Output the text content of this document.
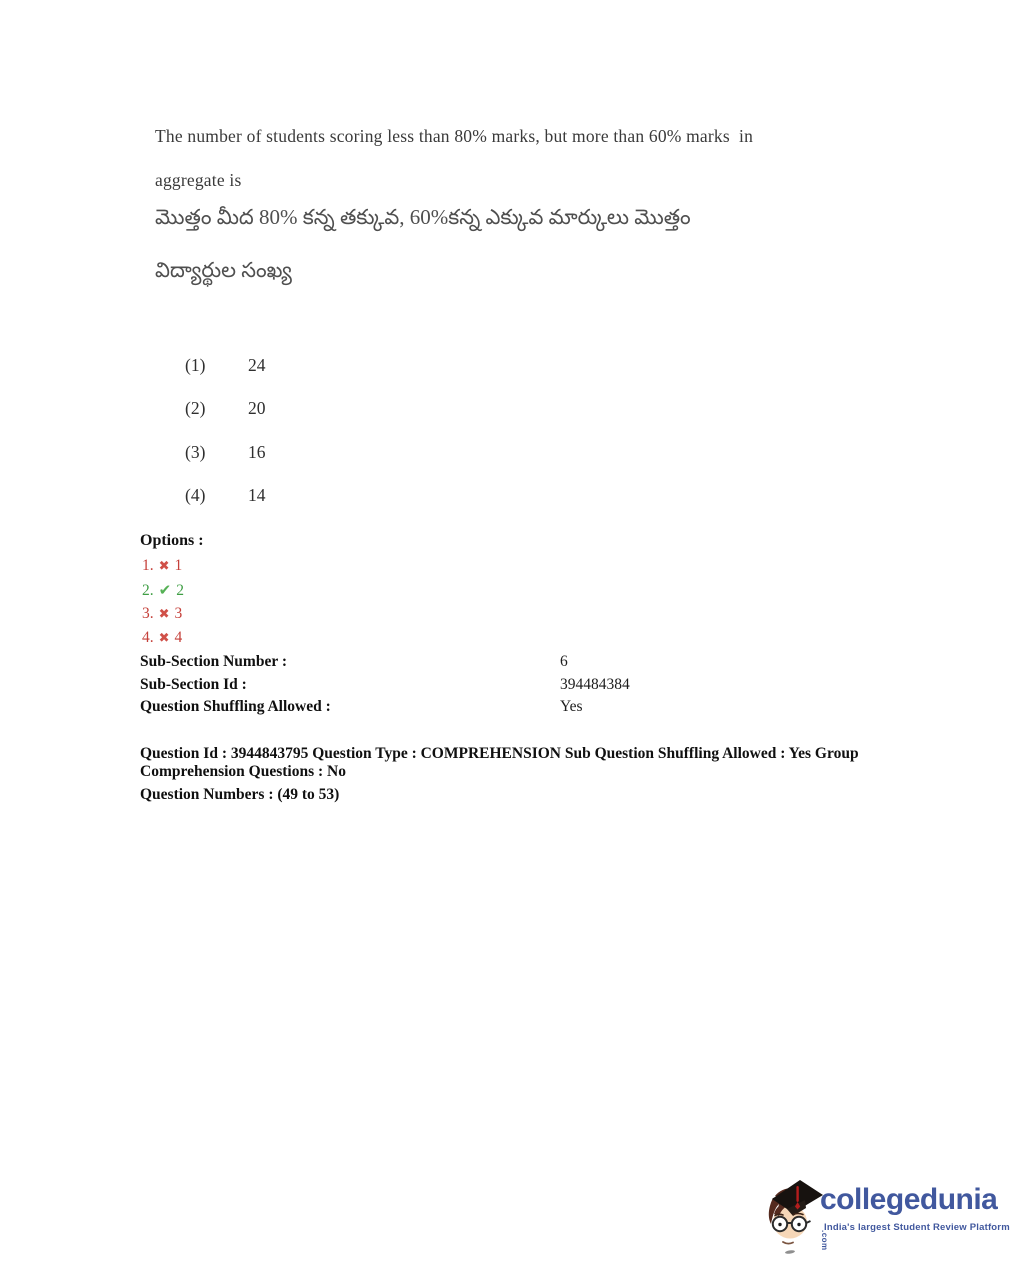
The number of students scoring less than 80% marks, but more than 60% marks  in
aggregate is
మొత్తం మీద 80% కన్న తక్కువ, 60%కన్న ఎక్కువ మార్కులు మొత్తం
విద్యార్థుల సంఖ్య
(1) 24
(2) 20
(3) 16
(4) 14
Options :
1. ✖ 1
2. ✔ 2
3. ✖ 3
4. ✖ 4
Sub-Section Number :	6
Sub-Section Id :	394484384
Question Shuffling Allowed :	Yes
Question Id : 3944843795 Question Type : COMPREHENSION Sub Question Shuffling Allowed : Yes Group
Comprehension Questions : No
Question Numbers : (49 to 53)
collegedunia.com
India's largest Student Review Platform
